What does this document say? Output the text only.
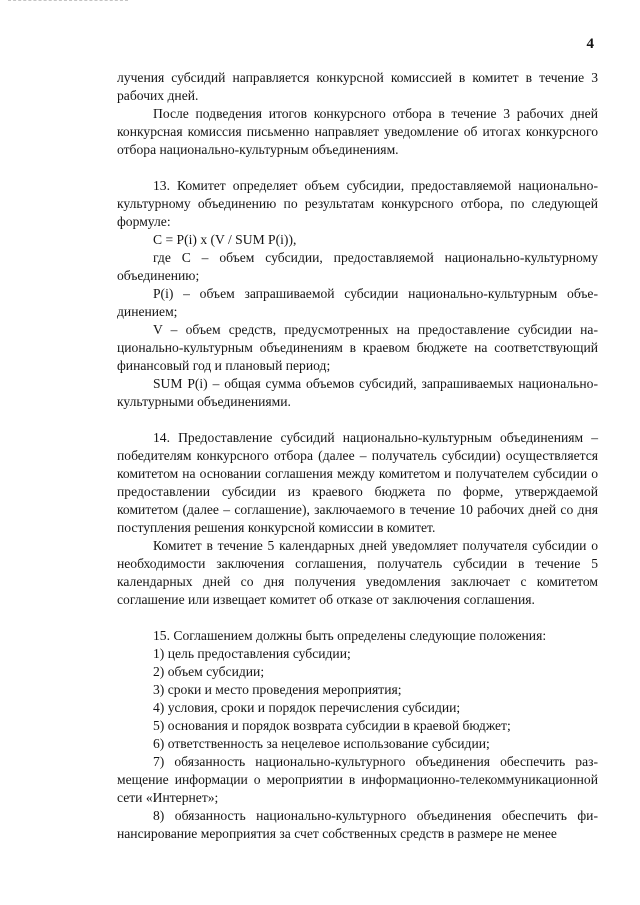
4

лучения субсидий направляется конкурсной комиссией в комитет в течение 3 рабочих дней.

После подведения итогов конкурсного отбора в течение 3 рабочих дней конкурсная комиссия письменно направляет уведомление об итогах конкурсного отбора национально-культурным объединениям.

13. Комитет определяет объем субсидии, предоставляемой национально-культурному объединению по результатам конкурсного отбора, по следующей формуле:

C = P(i) x (V / SUM P(i)),

где C – объем субсидии, предоставляемой национально-культурному объединению;

P(i) – объем запрашиваемой субсидии национально-культурным объединением;

V – объем средств, предусмотренных на предоставление субсидии национально-культурным объединениям в краевом бюджете на соответствующий финансовый год и плановый период;

SUM P(i) – общая сумма объемов субсидий, запрашиваемых национально-культурными объединениями.

14. Предоставление субсидий национально-культурным объединениям – победителям конкурсного отбора (далее – получатель субсидии) осуществляется комитетом на основании соглашения между комитетом и получателем субсидии о предоставлении субсидии из краевого бюджета по форме, утверждаемой комитетом (далее – соглашение), заключаемого в течение 10 рабочих дней со дня поступления решения конкурсной комиссии в комитет.

Комитет в течение 5 календарных дней уведомляет получателя субсидии о необходимости заключения соглашения, получатель субсидии в течение 5 календарных дней со дня получения уведомления заключает с комитетом соглашение или извещает комитет об отказе от заключения соглашения.

15. Соглашением должны быть определены следующие положения:

1) цель предоставления субсидии;

2) объем субсидии;

3) сроки и место проведения мероприятия;

4) условия, сроки и порядок перечисления субсидии;

5) основания и порядок возврата субсидии в краевой бюджет;

6) ответственность за нецелевое использование субсидии;

7) обязанность национально-культурного объединения обеспечить размещение информации о мероприятии в информационно-телекоммуникационной сети «Интернет»;

8) обязанность национально-культурного объединения обеспечить финансирование мероприятия за счет собственных средств в размере не менее
